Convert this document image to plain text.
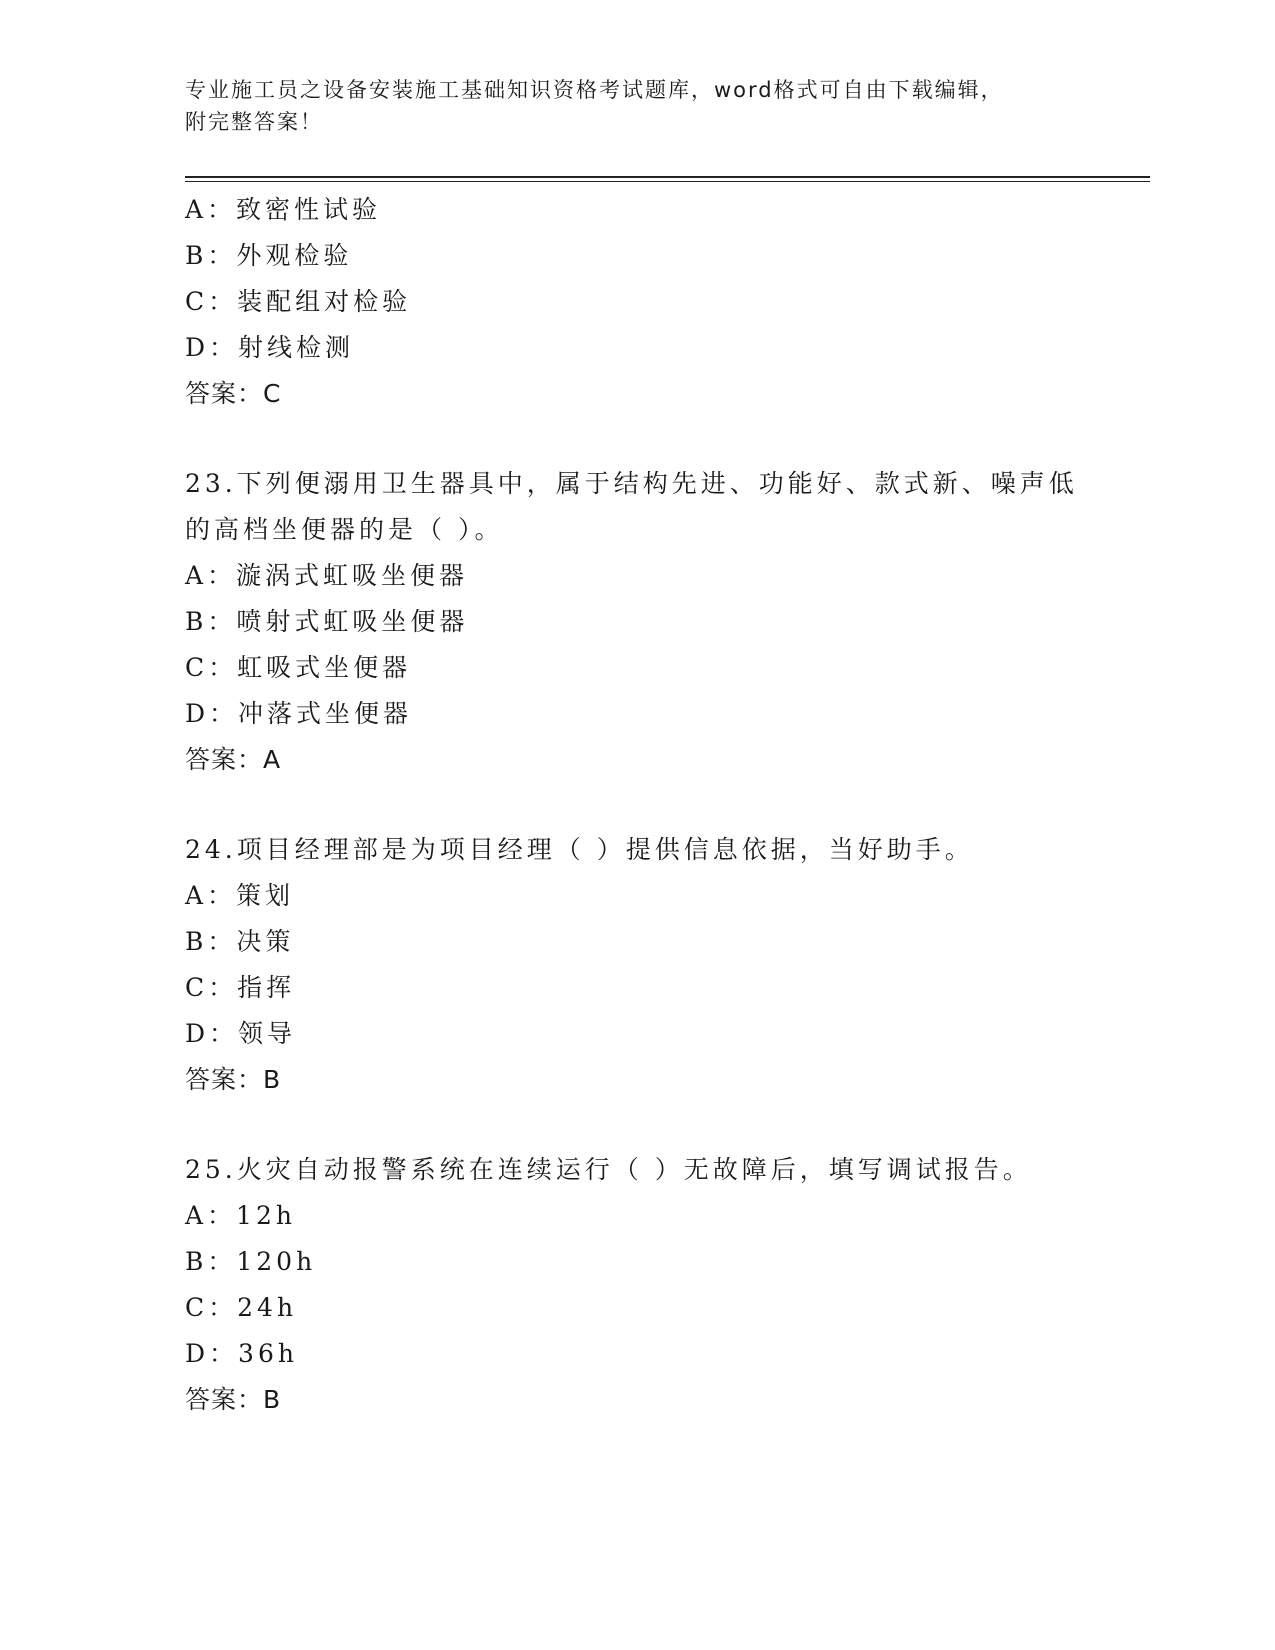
专业施工员之设备安装施工基础知识资格考试题库，word格式可自由下载编辑，
附完整答案！
A：致密性试验
B：外观检验
C：装配组对检验
D：射线检测
答案：C
23.下列便溺用卫生器具中，属于结构先进、功能好、款式新、噪声低
的高档坐便器的是（ ）。
A：漩涡式虹吸坐便器
B：喷射式虹吸坐便器
C：虹吸式坐便器
D：冲落式坐便器
答案：A
24.项目经理部是为项目经理（ ）提供信息依据，当好助手。
A：策划
B：决策
C：指挥
D：领导
答案：B
25.火灾自动报警系统在连续运行（ ）无故障后，填写调试报告。
A：12h
B：120h
C：24h
D：36h
答案：B
